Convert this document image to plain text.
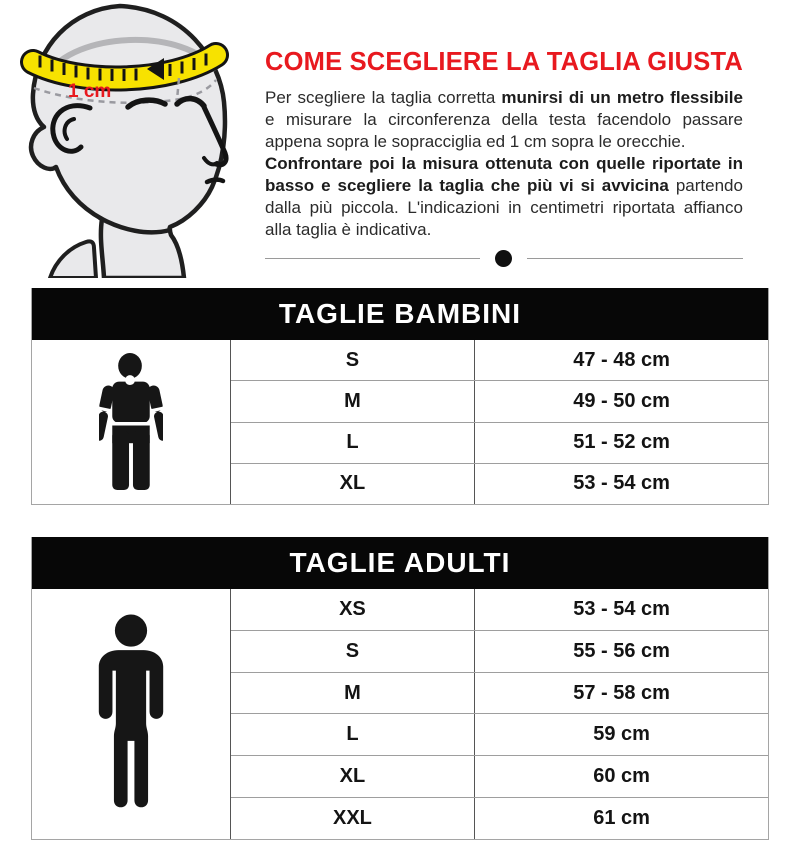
1 cm
COME SCEGLIERE LA TAGLIA GIUSTA

Per scegliere la taglia corretta munirsi di un metro flessibile e misurare la circonferenza della testa facendolo passare appena sopra le sopracciglia ed 1 cm sopra le orecchie.

Confrontare poi la misura ottenuta con quelle riportate in basso e scegliere la taglia che più vi si avvicina partendo dalla più piccola. L'indicazioni in centimetri riportata affianco alla taglia è indicativa.

TAGLIE BAMBINI
S	47 - 48 cm
M	49 - 50 cm
L	51 - 52 cm
XL	53 - 54 cm
TAGLIE ADULTI
XS	53 - 54 cm
S	55 - 56 cm
M	57 - 58 cm
L	59 cm
XL	60 cm
XXL	61 cm
